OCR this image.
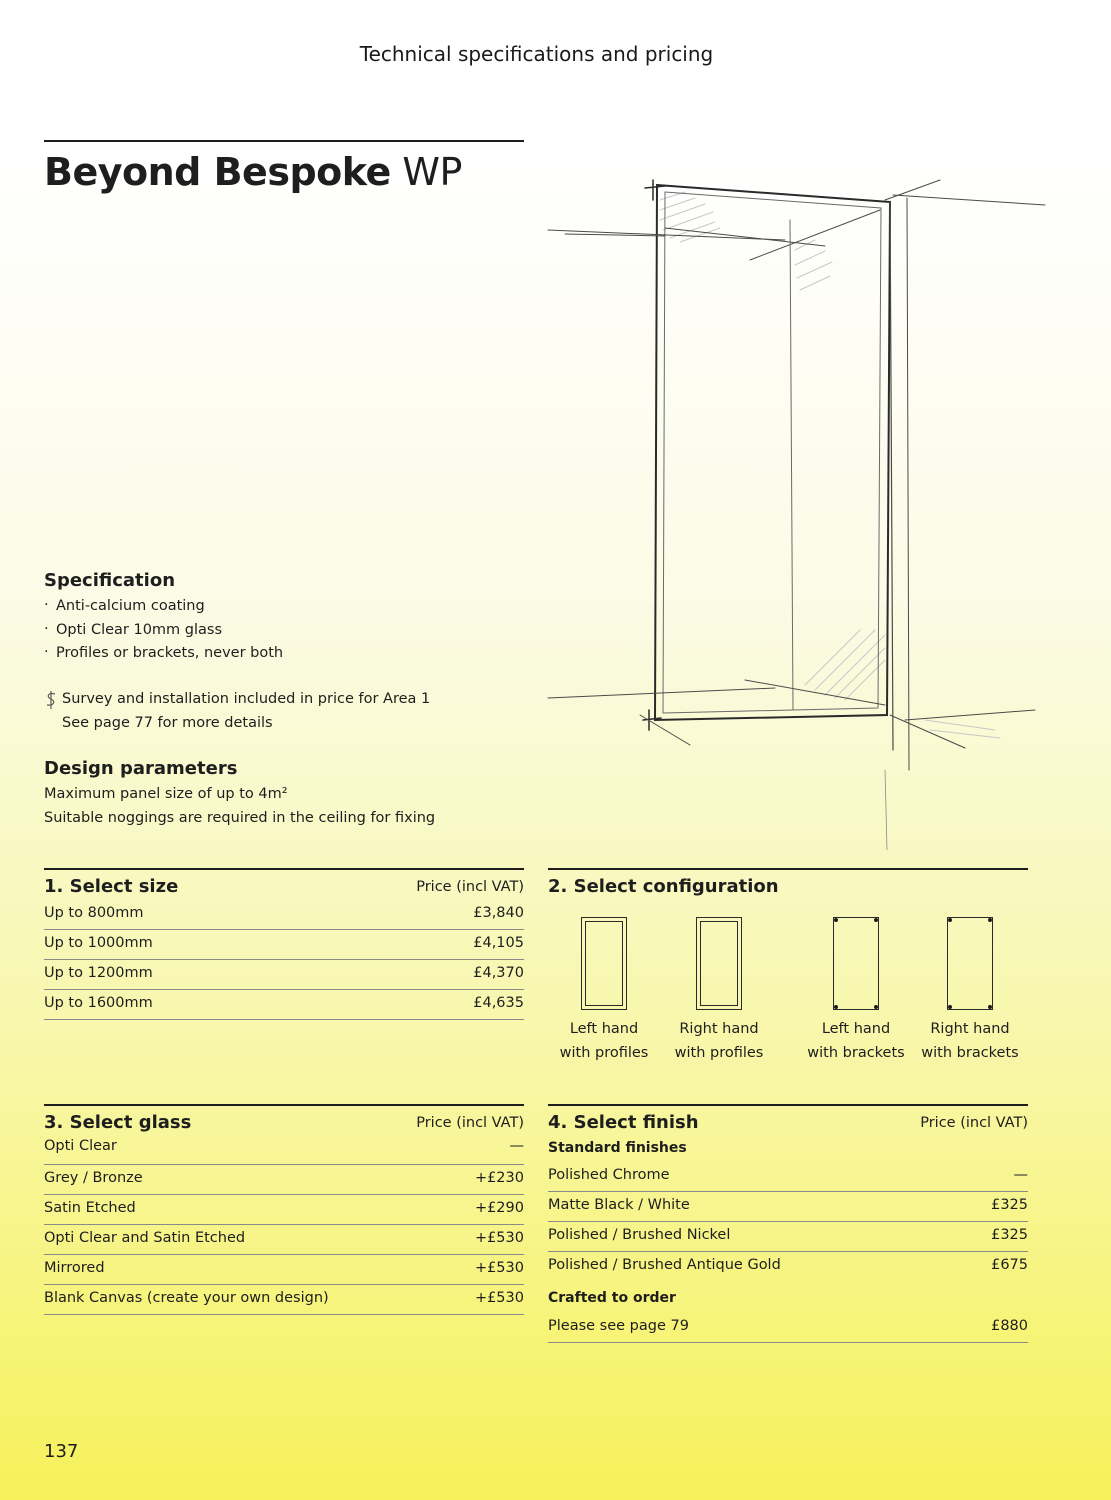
Technical specifications and pricing
Beyond Bespoke WP
Specification
· Anti-calcium coating
· Opti Clear 10mm glass
· Profiles or brackets, never both
Survey and installation included in price for Area 1
See page 77 for more details
Design parameters
Maximum panel size of up to 4m²
Suitable noggings are required in the ceiling for fixing
1. Select size	Price (incl VAT)
Up to 800mm	£3,840
Up to 1000mm	£4,105
Up to 1200mm	£4,370
Up to 1600mm	£4,635
2. Select configuration
Left hand
with profiles
Right hand
with profiles
Left hand
with brackets
Right hand
with brackets
3. Select glass	Price (incl VAT)
Opti Clear	—
Grey / Bronze	+£230
Satin Etched	+£290
Opti Clear and Satin Etched	+£530
Mirrored	+£530
Blank Canvas (create your own design)	+£530
4. Select finish	Price (incl VAT)
Standard finishes
Polished Chrome	—
Matte Black / White	£325
Polished / Brushed Nickel	£325
Polished / Brushed Antique Gold	£675
Crafted to order
Please see page 79	£880
137
